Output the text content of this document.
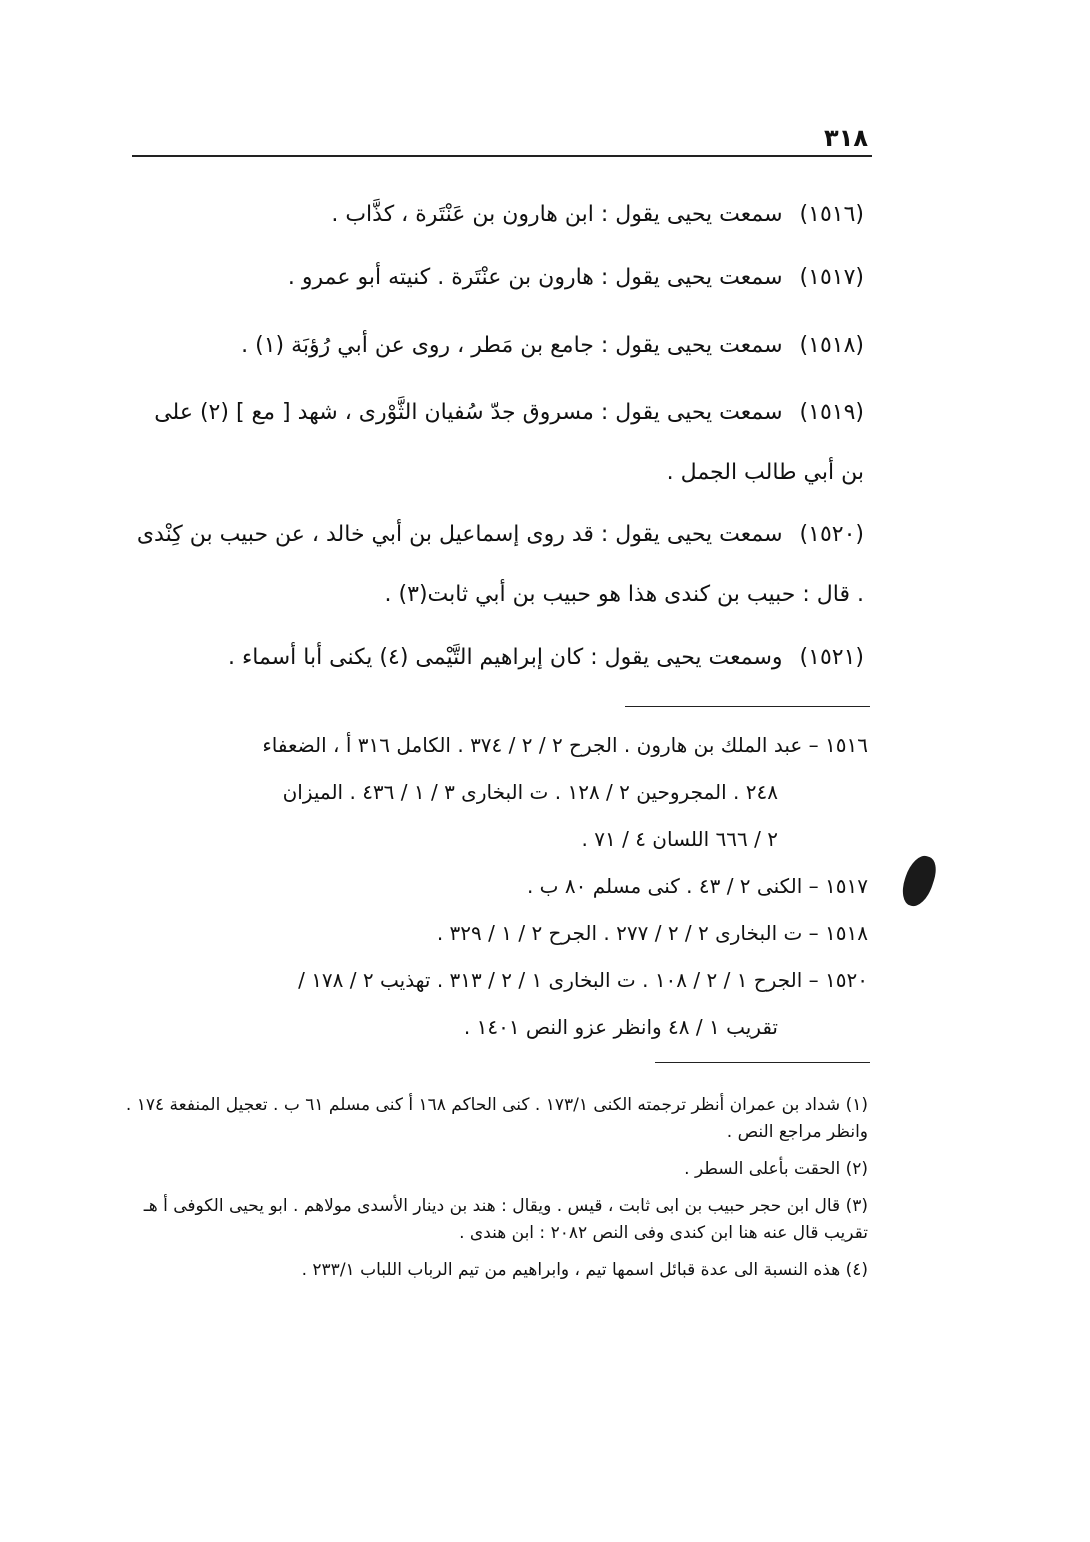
٣١٨
(١٥١٦) سمعت يحيى يقول : ابن هارون بن عَنْتَرة ، كذَّاب .
(١٥١٧) سمعت يحيى يقول : هارون بن عنْتَرة . كنيته أبو عمرو .
(١٥١٨) سمعت يحيى يقول : جامع بن مَطر ، روى عن أبي رُؤبَة (١) .
(١٥١٩) سمعت يحيى يقول : مسروق جدّ سُفيان الثَّوْرى ، شهد [ مع ] (٢) على بن أبي طالب الجمل .
(١٥٢٠) سمعت يحيى يقول : قد روى إسماعيل بن أبي خالد ، عن حبيب بن كِنْدى . قال : حبيب بن كندى هذا هو حبيب بن أبي ثابت(٣) .
(١٥٢١) وسمعت يحيى يقول : كان إبراهيم التَّيْمى (٤) يكنى أبا أسماء .
١٥١٦ – عبد الملك بن هارون . الجرح ٢ / ٢ / ٣٧٤ . الكامل ٣١٦ أ ، الضعفاء
٢٤٨ . المجروحين ٢ / ١٢٨ . ت البخارى ٣ / ١ / ٤٣٦ . الميزان
٢ / ٦٦٦ اللسان ٤ / ٧١ .
١٥١٧ – الكنى ٢ / ٤٣ . كنى مسلم ٨٠ ب .
١٥١٨ – ت البخارى ٢ / ٢ / ٢٧٧ . الجرح ٢ / ١ / ٣٢٩ .
١٥٢٠ – الجرح ١ / ٢ / ١٠٨ . ت البخارى ١ / ٢ / ٣١٣ . تهذيب ٢ / ١٧٨ /
تقريب ١ / ٤٨ وانظر عزو النص ١٤٠١ .
(١) شداد بن عمران أنظر ترجمته الكنى ١٧٣/١ . كنى الحاكم ١٦٨ أ كنى مسلم ٦١ ب . تعجيل المنفعة ١٧٤ . وانظر مراجع النص .
(٢) الحقت بأعلى السطر .
(٣) قال ابن حجر حبيب بن ابى ثابت ، قيس . ويقال : هند بن دينار الأسدى مولاهم . ابو يحيى الكوفى أ هـ تقريب قال عنه هنا ابن كندى وفى النص ٢٠٨٢ : ابن هندى .
(٤) هذه النسبة الى عدة قبائل اسمها تيم ، وابراهيم من تيم الرباب اللباب ٢٣٣/١ .
